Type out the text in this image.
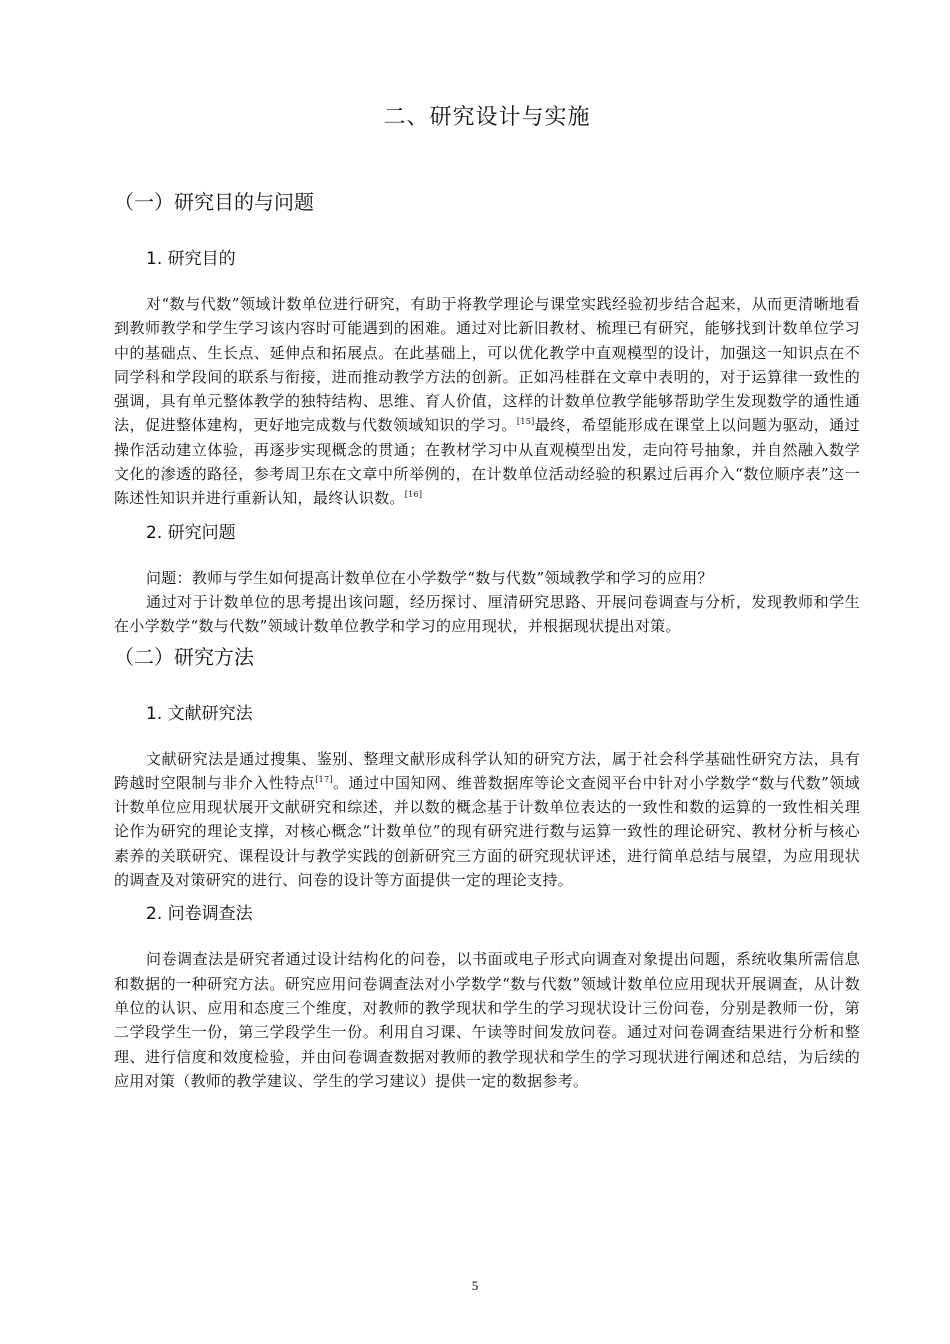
二、研究设计与实施
（一）研究目的与问题
1. 研究目的

对“数与代数”领域计数单位进行研究，有助于将教学理论与课堂实践经验初步结合起来，从而更清晰地看到教师教学和学生学习该内容时可能遇到的困难。通过对比新旧教材、梳理已有研究，能够找到计数单位学习中的基础点、生长点、延伸点和拓展点。在此基础上，可以优化教学中直观模型的设计，加强这一知识点在不同学科和学段间的联系与衔接，进而推动教学方法的创新。正如冯桂群在文章中表明的，对于运算律一致性的强调，具有单元整体教学的独特结构、思维、育人价值，这样的计数单位教学能够帮助学生发现数学的通性通法，促进整体建构，更好地完成数与代数领域知识的学习。[15]最终，希望能形成在课堂上以问题为驱动，通过操作活动建立体验，再逐步实现概念的贯通；在教材学习中从直观模型出发，走向符号抽象，并自然融入数学文化的渗透的路径，参考周卫东在文章中所举例的，在计数单位活动经验的积累过后再介入“数位顺序表”这一陈述性知识并进行重新认知，最终认识数。[16]

2. 研究问题

问题：教师与学生如何提高计数单位在小学数学“数与代数”领域教学和学习的应用？

通过对于计数单位的思考提出该问题，经历探讨、厘清研究思路、开展问卷调查与分析，发现教师和学生在小学数学“数与代数”领域计数单位教学和学习的应用现状，并根据现状提出对策。

（二）研究方法
1. 文献研究法

文献研究法是通过搜集、鉴别、整理文献形成科学认知的研究方法，属于社会科学基础性研究方法，具有跨越时空限制与非介入性特点[17]。通过中国知网、维普数据库等论文查阅平台中针对小学数学“数与代数”领域计数单位应用现状展开文献研究和综述，并以数的概念基于计数单位表达的一致性和数的运算的一致性相关理论作为研究的理论支撑，对核心概念“计数单位”的现有研究进行数与运算一致性的理论研究、教材分析与核心素养的关联研究、课程设计与教学实践的创新研究三方面的研究现状评述，进行简单总结与展望，为应用现状的调查及对策研究的进行、问卷的设计等方面提供一定的理论支持。

2. 问卷调查法

问卷调查法是研究者通过设计结构化的问卷，以书面或电子形式向调查对象提出问题，系统收集所需信息和数据的一种研究方法。研究应用问卷调查法对小学数学“数与代数”领域计数单位应用现状开展调查，从计数单位的认识、应用和态度三个维度，对教师的教学现状和学生的学习现状设计三份问卷，分别是教师一份，第二学段学生一份，第三学段学生一份。利用自习课、午读等时间发放问卷。通过对问卷调查结果进行分析和整理、进行信度和效度检验，并由问卷调查数据对教师的教学现状和学生的学习现状进行阐述和总结，为后续的应用对策（教师的教学建议、学生的学习建议）提供一定的数据参考。

5
